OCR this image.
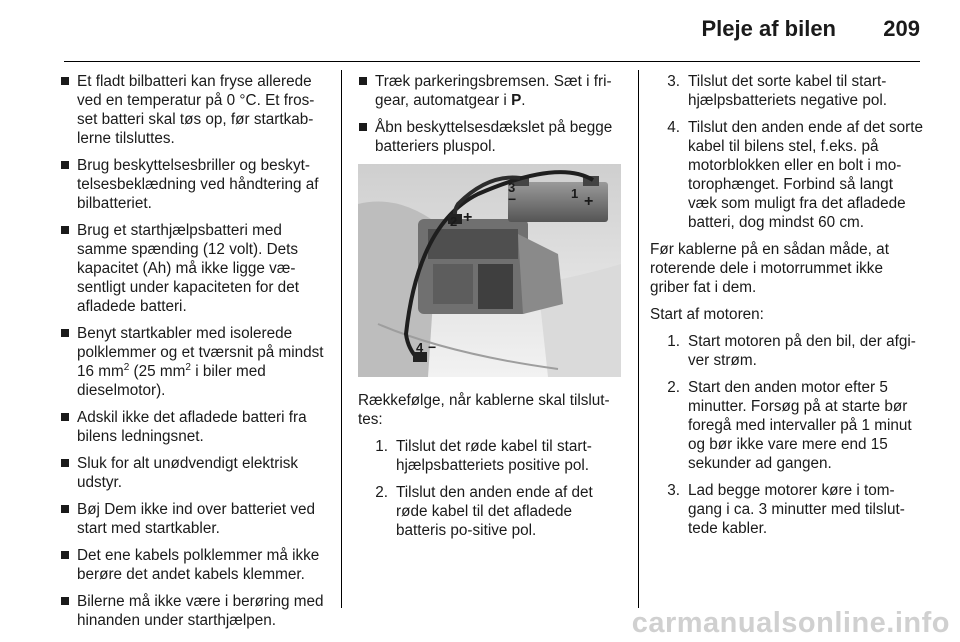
Pleje af bilen 209
Et fladt bilbatteri kan fryse allerede ved en temperatur på 0 °C. Et fros-set batteri skal tøs op, før startkab-lerne tilsluttes.
Brug beskyttelsesbriller og beskyt-telsesbeklædning ved håndtering af bilbatteriet.
Brug et starthjælpsbatteri med samme spænding (12 volt). Dets kapacitet (Ah) må ikke ligge væ-sentligt under kapaciteten for det afladede batteri.
Benyt startkabler med isolerede polklemmer og et tværsnit på mindst 16 $mm^2$ (25 $mm^2$ i biler med dieselmotor).
Adskil ikke det afladede batteri fra bilens ledningsnet.
Sluk for alt unødvendigt elektrisk udstyr.
Bøj Dem ikke ind over batteriet ved start med startkabler.
Det ene kabels polklemmer må ikke berøre det andet kabels klemmer.
Bilerne må ikke være i berøring med hinanden under starthjælpen.
Træk parkeringsbremsen. Sæt i fri-gear, automatgear i P.
Åbn beskyttelsesdækslet på begge batteriers pluspol.
3
−	1 +
2 +
4 −
Rækkefølge, når kablerne skal tilslut-tes:
1. Tilslut det røde kabel til start-hjælpsbatteriets positive pol.
2. Tilslut den anden ende af det røde kabel til det afladede batteris po-sitive pol.
3. Tilslut det sorte kabel til start-hjælpsbatteriets negative pol.
4. Tilslut den anden ende af det sorte kabel til bilens stel, f.eks. på motorblokken eller en bolt i mo-torophænget. Forbind så langt væk som muligt fra det afladede batteri, dog mindst 60 cm.
Før kablerne på en sådan måde, at roterende dele i motorrummet ikke griber fat i dem.
Start af motoren:
1. Start motoren på den bil, der afgi-ver strøm.
2. Start den anden motor efter 5 minutter. Forsøg på at starte bør foregå med intervaller på 1 minut og bør ikke vare mere end 15 sekunder ad gangen.
3. Lad begge motorer køre i tom-gang i ca. 3 minutter med tilslut-tede kabler.
carmanualsonline.info
